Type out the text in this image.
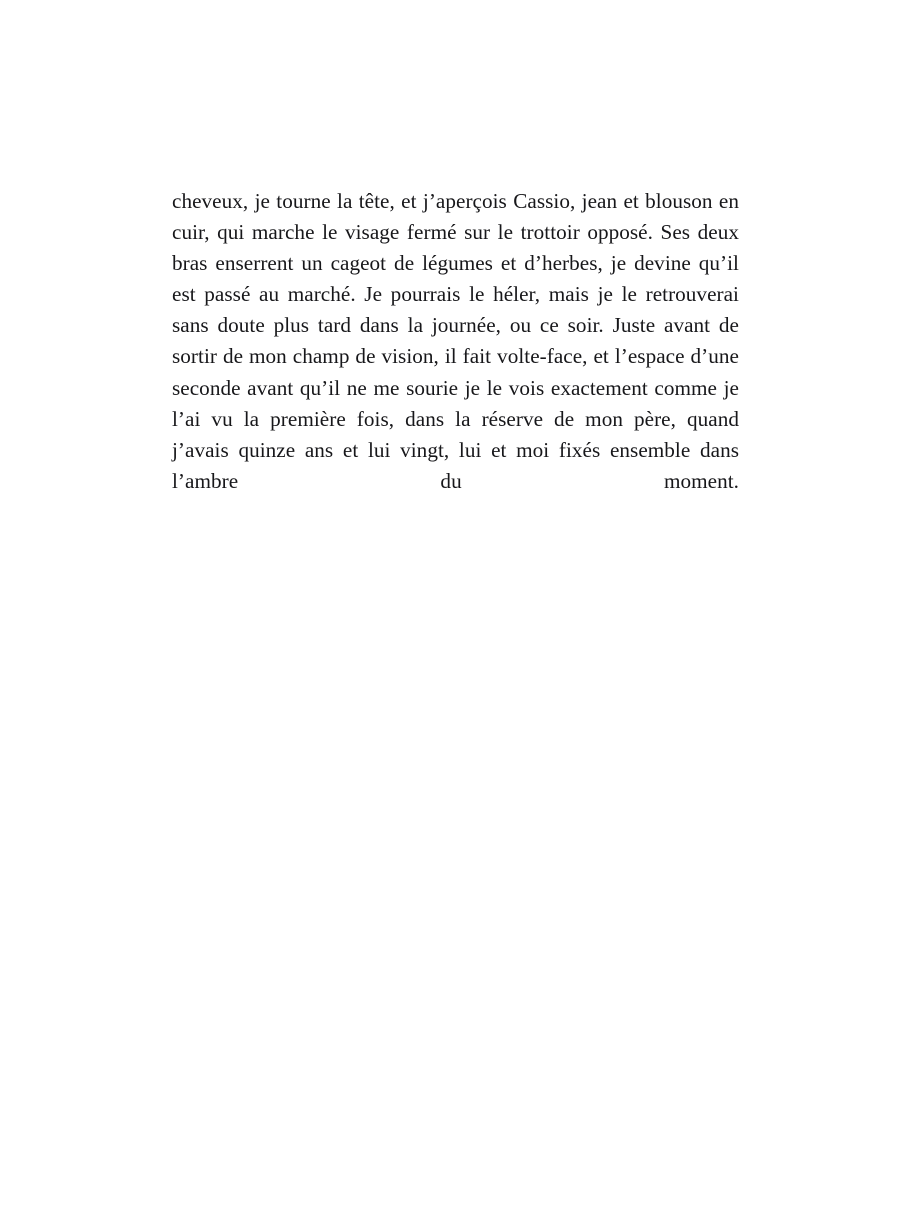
cheveux, je tourne la tête, et j’aperçois Cassio, jean et blouson en cuir, qui marche le visage fermé sur le trottoir opposé. Ses deux bras enserrent un cageot de légumes et d’herbes, je devine qu’il est passé au marché. Je pourrais le héler, mais je le retrouverai sans doute plus tard dans la journée, ou ce soir. Juste avant de sortir de mon champ de vision, il fait volte-face, et l’espace d’une seconde avant qu’il ne me sourie je le vois exactement comme je l’ai vu la première fois, dans la réserve de mon père, quand j’avais quinze ans et lui vingt, lui et moi fixés ensemble dans l’ambre du moment.
